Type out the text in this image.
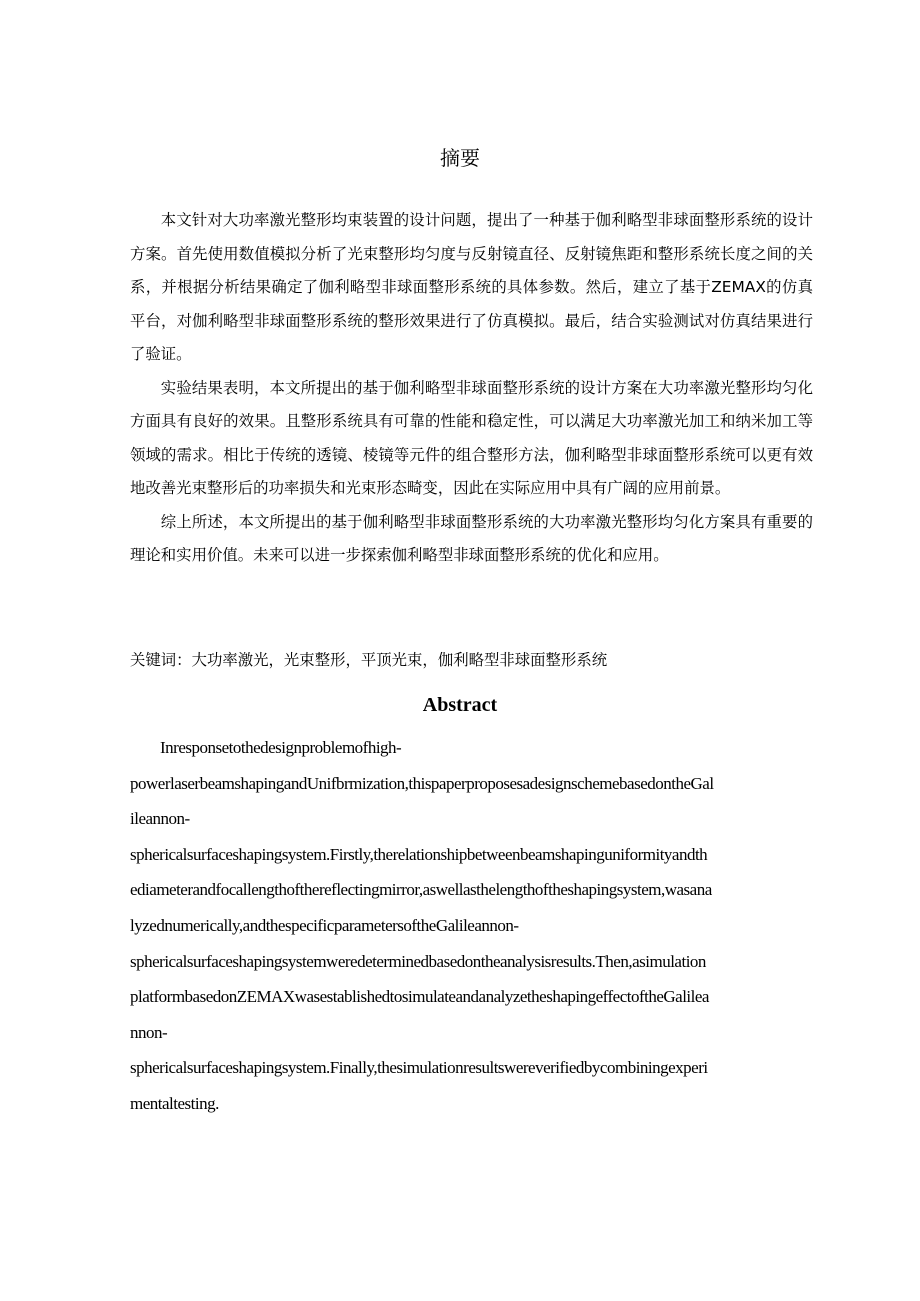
摘要

本文针对大功率激光整形均束装置的设计问题，提出了一种基于伽利略型非球面整形系统的设计方案。首先使用数值模拟分析了光束整形均匀度与反射镜直径、反射镜焦距和整形系统长度之间的关系，并根据分析结果确定了伽利略型非球面整形系统的具体参数。然后，建立了基于ZEMAX的仿真平台，对伽利略型非球面整形系统的整形效果进行了仿真模拟。最后，结合实验测试对仿真结果进行了验证。

实验结果表明，本文所提出的基于伽利略型非球面整形系统的设计方案在大功率激光整形均匀化方面具有良好的效果。且整形系统具有可靠的性能和稳定性，可以满足大功率激光加工和纳米加工等领域的需求。相比于传统的透镜、棱镜等元件的组合整形方法，伽利略型非球面整形系统可以更有效地改善光束整形后的功率损失和光束形态畸变，因此在实际应用中具有广阔的应用前景。

综上所述，本文所提出的基于伽利略型非球面整形系统的大功率激光整形均匀化方案具有重要的理论和实用价值。未来可以进一步探索伽利略型非球面整形系统的优化和应用。

关键词：大功率激光，光束整形，平顶光束，伽利略型非球面整形系统
Abstract
Inresponsetothedesignproblemofhigh-
powerlaserbeamshapingandUnifbrmization,thispaperproposesadesignschemebasedontheGal
ileannon-
sphericalsurfaceshapingsystem.Firstly,therelationshipbetweenbeamshapinguniformityandth
ediameterandfocallengthofthereflectingmirror,aswellasthelengthoftheshapingsystem,wasana
lyzednumerically,andthespecificparametersoftheGalileannon-
sphericalsurfaceshapingsystemweredeterminedbasedontheanalysisresults.Then,asimulation
platformbasedonZEMAXwasestablishedtosimulateandanalyzetheshapingeffectoftheGalilea
nnon-
sphericalsurfaceshapingsystem.Finally,thesimulationresultswereverifiedbycombiningexperi
mentaltesting.
